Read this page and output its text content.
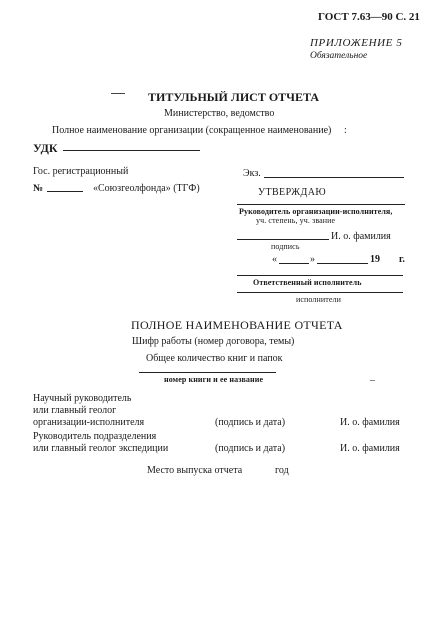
ГОСТ 7.63—90 С. 21
ПРИЛОЖЕНИЕ 5
Обязательное
ТИТУЛЬНЫЙ ЛИСТ ОТЧЕТА
Министерство, ведомство
Полное наименование организации (сокращенное наименование) :
УДК
Гос. регистрационный
№	«Союзгеолфонда» (ТГФ)
Экз.
УТВЕРЖДАЮ
Руководитель организации-исполнителя,
уч. степень, уч. звание
И. о. фамилия
подпись
«	»	19 г.
Ответственный исполнитель
исполнители
ПОЛНОЕ НАИМЕНОВАНИЕ ОТЧЕТА
Шифр работы (номер договора, темы)
Общее количество книг и папок
номер книги и ее название	–
Научный руководитель
или главный геолог
организации-исполнителя	(подпись и дата)	И. о. фамилия
Руководитель подразделения
или главный геолог экспедиции	(подпись и дата)	И. о. фамилия
Место выпуска отчета	год
